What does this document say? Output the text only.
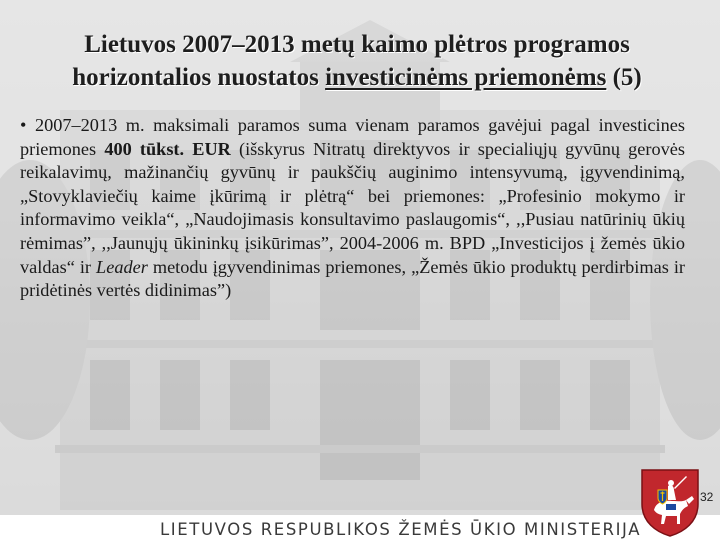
Lietuvos 2007–2013 metų kaimo plėtros programos
horizontalios nuostatos investicinėms priemonėms (5)
• 2007–2013 m. maksimali paramos suma vienam paramos gavėjui pagal investicines priemones 400 tūkst. EUR (išskyrus Nitratų direktyvos ir specialiųjų gyvūnų gerovės reikalavimų, mažinančių gyvūnų ir paukščių auginimo intensyvumą, įgyvendinimą, „Stovyklaviečių kaime įkūrimą ir plėtrą“ bei priemones: „Profesinio mokymo ir informavimo veikla“, „Naudojimasis konsultavimo paslaugomis“, ,,Pusiau natūrinių ūkių rėmimas”, ,,Jaunųjų ūkininkų įsikūrimas”, 2004-2006 m. BPD „Investicijos į žemės ūkio valdas“ ir Leader metodu įgyvendinimas priemones, „Žemės ūkio produktų perdirbimas ir pridėtinės vertės didinimas”)
LIETUVOS RESPUBLIKOS ŽEMĖS ŪKIO MINISTERIJA
32
